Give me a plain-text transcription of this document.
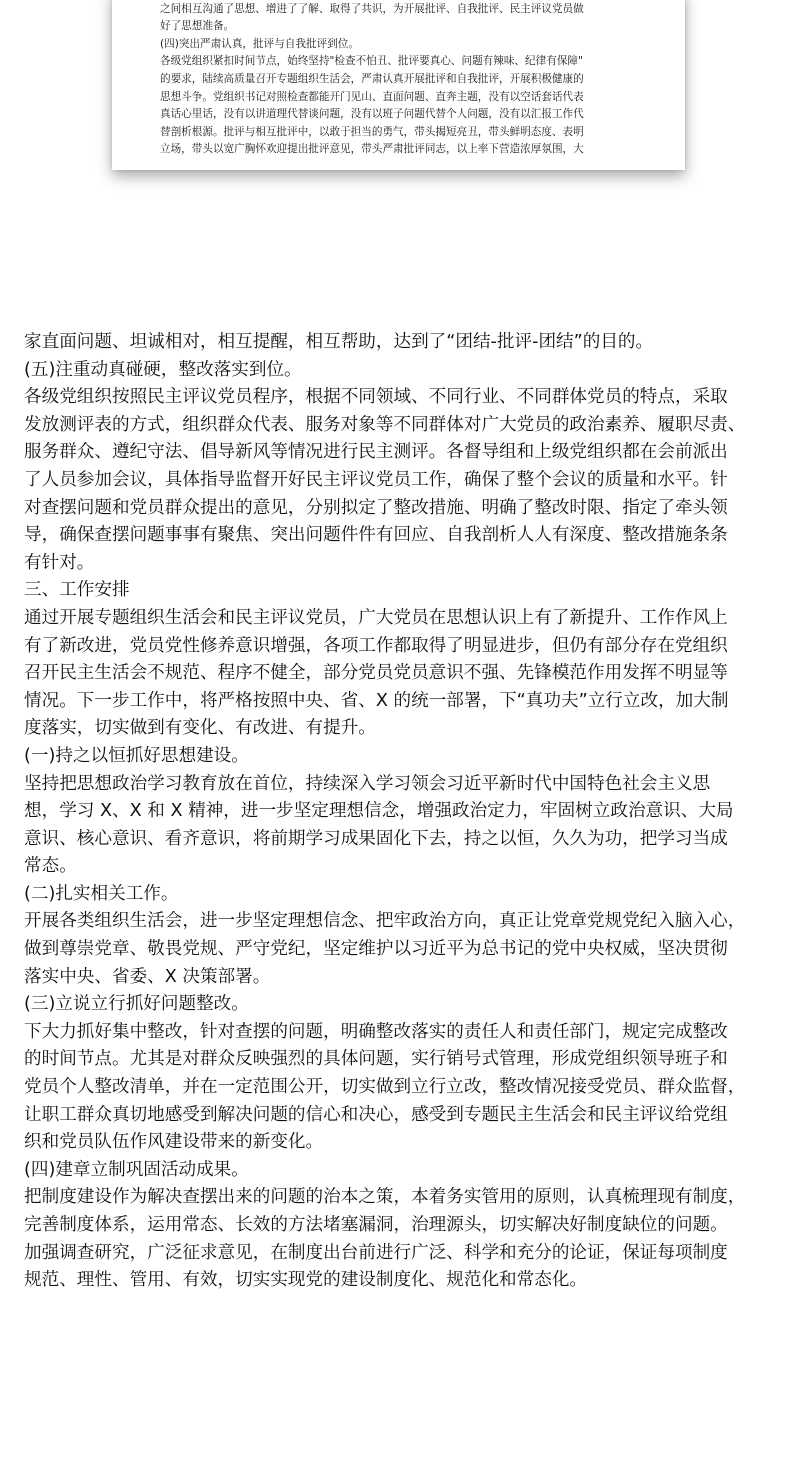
之间相互沟通了思想、增进了了解、取得了共识，为开展批评、自我批评、民主评议党员做

好了思想准备。

(四)突出严肃认真，批评与自我批评到位。

各级党组织紧扣时间节点，始终坚持"检查不怕丑、批评要真心、问题有辣味、纪律有保障"

的要求，陆续高质量召开专题组织生活会，严肃认真开展批评和自我批评，开展积极健康的

思想斗争。党组织书记对照检查都能开门见山、直面问题、直奔主题，没有以空话套话代表

真话心里话，没有以讲道理代替谈问题，没有以班子问题代替个人问题，没有以汇报工作代

替剖析根源。批评与相互批评中，以敢于担当的勇气，带头揭短亮丑，带头鲜明态度、表明

立场，带头以宽广胸怀欢迎提出批评意见，带头严肃批评同志，以上率下营造浓厚氛围，大

家直面问题、坦诚相对，相互提醒，相互帮助，达到了“团结-批评-团结”的目的。

(五)注重动真碰硬，整改落实到位。

各级党组织按照民主评议党员程序，根据不同领域、不同行业、不同群体党员的特点，采取

发放测评表的方式，组织群众代表、服务对象等不同群体对广大党员的政治素养、履职尽责、

服务群众、遵纪守法、倡导新风等情况进行民主测评。各督导组和上级党组织都在会前派出

了人员参加会议，具体指导监督开好民主评议党员工作，确保了整个会议的质量和水平。针

对查摆问题和党员群众提出的意见，分别拟定了整改措施、明确了整改时限、指定了牵头领

导，确保查摆问题事事有聚焦、突出问题件件有回应、自我剖析人人有深度、整改措施条条

有针对。

三、工作安排

通过开展专题组织生活会和民主评议党员，广大党员在思想认识上有了新提升、工作作风上

有了新改进，党员党性修养意识增强，各项工作都取得了明显进步，但仍有部分存在党组织

召开民主生活会不规范、程序不健全，部分党员党员意识不强、先锋模范作用发挥不明显等

情况。下一步工作中，将严格按照中央、省、X 的统一部署，下“真功夫”立行立改，加大制

度落实，切实做到有变化、有改进、有提升。

(一)持之以恒抓好思想建设。

坚持把思想政治学习教育放在首位，持续深入学习领会习近平新时代中国特色社会主义思

想，学习 X、X 和 X 精神，进一步坚定理想信念，增强政治定力，牢固树立政治意识、大局

意识、核心意识、看齐意识，将前期学习成果固化下去，持之以恒，久久为功，把学习当成

常态。

(二)扎实相关工作。

开展各类组织生活会，进一步坚定理想信念、把牢政治方向，真正让党章党规党纪入脑入心，

做到尊崇党章、敬畏党规、严守党纪，坚定维护以习近平为总书记的党中央权威，坚决贯彻

落实中央、省委、X 决策部署。

(三)立说立行抓好问题整改。

下大力抓好集中整改，针对查摆的问题，明确整改落实的责任人和责任部门，规定完成整改

的时间节点。尤其是对群众反映强烈的具体问题，实行销号式管理，形成党组织领导班子和

党员个人整改清单，并在一定范围公开，切实做到立行立改，整改情况接受党员、群众监督，

让职工群众真切地感受到解决问题的信心和决心，感受到专题民主生活会和民主评议给党组

织和党员队伍作风建设带来的新变化。

(四)建章立制巩固活动成果。

把制度建设作为解决查摆出来的问题的治本之策，本着务实管用的原则，认真梳理现有制度，

完善制度体系，运用常态、长效的方法堵塞漏洞，治理源头，切实解决好制度缺位的问题。

加强调查研究，广泛征求意见，在制度出台前进行广泛、科学和充分的论证，保证每项制度

规范、理性、管用、有效，切实实现党的建设制度化、规范化和常态化。
